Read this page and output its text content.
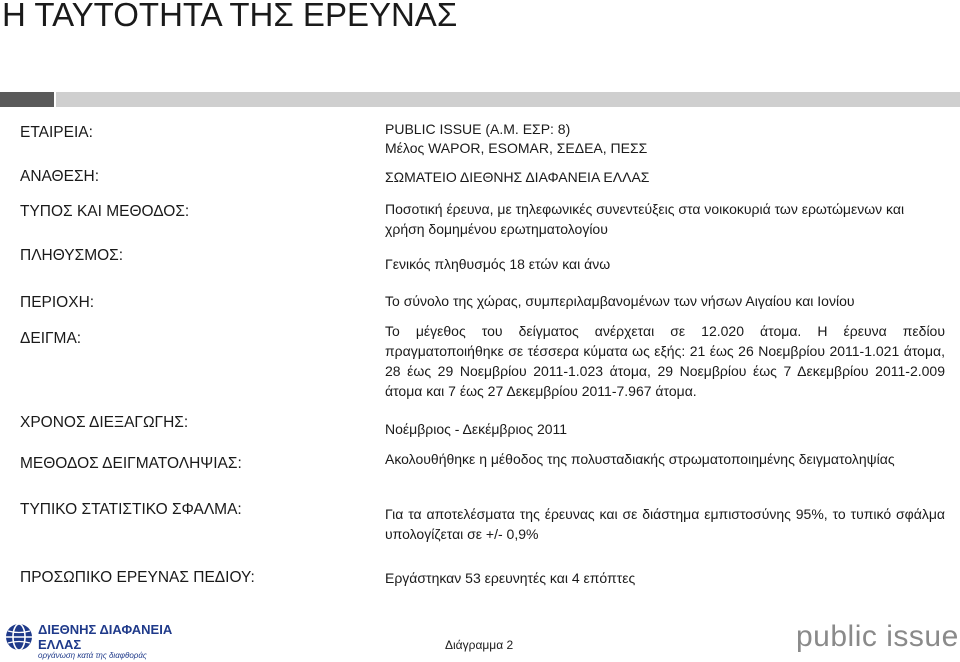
Η ΤΑΥΤΟΤΗΤΑ ΤΗΣ ΕΡΕΥΝΑΣ
ΕΤΑΙΡΕΙΑ:
ΑΝΑΘΕΣΗ:
ΤΥΠΟΣ ΚΑΙ ΜΕΘΟΔΟΣ:
ΠΛΗΘΥΣΜΟΣ:
ΠΕΡΙΟΧΗ:
ΔΕΙΓΜΑ:
ΧΡΟΝΟΣ ΔΙΕΞΑΓΩΓΗΣ:
ΜΕΘΟΔΟΣ ΔΕΙΓΜΑΤΟΛΗΨΙΑΣ:
ΤΥΠΙΚΟ ΣΤΑΤΙΣΤΙΚΟ ΣΦΑΛΜΑ:
ΠΡΟΣΩΠΙΚΟ ΕΡΕΥΝΑΣ ΠΕΔΙΟΥ:
PUBLIC ISSUE (Α.Μ. ΕΣΡ: 8)
Μέλος WAPOR, ESOMAR, ΣΕΔΕΑ, ΠΕΣΣ
ΣΩΜΑΤΕΙΟ ΔΙΕΘΝΗΣ ΔΙΑΦΑΝΕΙΑ ΕΛΛΑΣ
Ποσοτική έρευνα, με τηλεφωνικές συνεντεύξεις στα νοικοκυριά των ερωτώμενων και χρήση δομημένου ερωτηματολογίου
Γενικός πληθυσμός 18 ετών και άνω
Το σύνολο της χώρας, συμπεριλαμβανομένων των νήσων Αιγαίου και Ιονίου
Το μέγεθος του δείγματος ανέρχεται σε 12.020 άτομα. Η έρευνα πεδίου πραγματοποιήθηκε σε τέσσερα κύματα ως εξής: 21 έως 26 Νοεμβρίου 2011-1.021 άτομα, 28 έως 29 Νοεμβρίου 2011-1.023 άτομα, 29 Νοεμβρίου έως 7 Δεκεμβρίου 2011-2.009 άτομα και 7 έως 27 Δεκεμβρίου 2011-7.967 άτομα.
Νοέμβριος - Δεκέμβριος 2011
Ακολουθήθηκε η μέθοδος της πολυσταδιακής στρωματοποιημένης δειγματοληψίας
Για τα αποτελέσματα της έρευνας και σε διάστημα εμπιστοσύνης 95%, το τυπικό σφάλμα υπολογίζεται σε +/- 0,9%
Εργάστηκαν 53 ερευνητές και 4 επόπτες
ΔΙΕΘΝΗΣ ΔΙΑΦΑΝΕΙΑ
ΕΛΛΑΣ
οργάνωση κατά της διαφθοράς
Διάγραμμα 2	public issue
